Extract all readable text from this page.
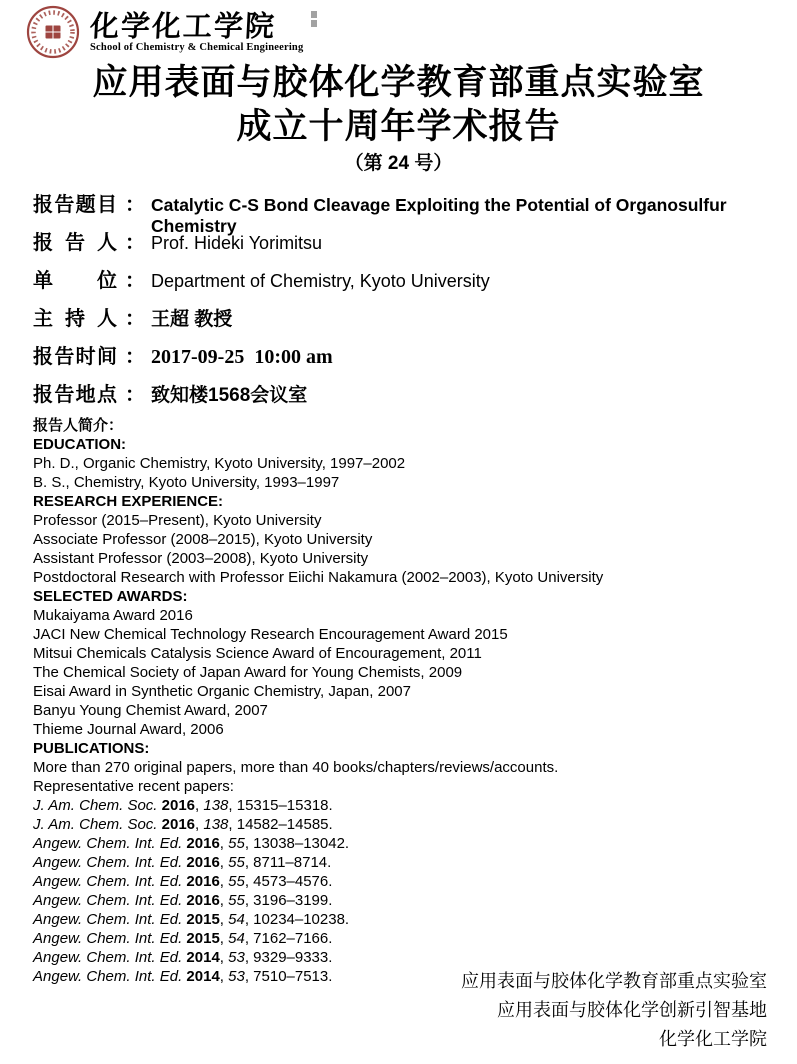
化学化工学院
School of Chemistry & Chemical Engineering
应用表面与胶体化学教育部重点实验室
成立十周年学术报告
（第 24 号）
报告题目 ： Catalytic C-S Bond Cleavage Exploiting the Potential of Organosulfur Chemistry
报告人 ： Prof. Hideki Yorimitsu
单位 ： Department of Chemistry, Kyoto University
主持人 ： 王超 教授
报告时间 ： 2017-09-25  10:00 am
报告地点 ： 致知楼1568会议室
报告人简介：
EDUCATION:
Ph. D., Organic Chemistry, Kyoto University, 1997–2002
B. S., Chemistry, Kyoto University, 1993–1997
RESEARCH EXPERIENCE:
Professor (2015–Present), Kyoto University
Associate Professor (2008–2015), Kyoto University
Assistant Professor (2003–2008), Kyoto University
Postdoctoral Research with Professor Eiichi Nakamura (2002–2003), Kyoto University
SELECTED AWARDS:
Mukaiyama Award 2016
JACI New Chemical Technology Research Encouragement Award 2015
Mitsui Chemicals Catalysis Science Award of Encouragement, 2011
The Chemical Society of Japan Award for Young Chemists, 2009
Eisai Award in Synthetic Organic Chemistry, Japan, 2007
Banyu Young Chemist Award, 2007
Thieme Journal Award, 2006
PUBLICATIONS:
More than 270 original papers, more than 40 books/chapters/reviews/accounts.
Representative recent papers:
J. Am. Chem. Soc. 2016, 138, 15315–15318.
J. Am. Chem. Soc. 2016, 138, 14582–14585.
Angew. Chem. Int. Ed. 2016, 55, 13038–13042.
Angew. Chem. Int. Ed. 2016, 55, 8711–8714.
Angew. Chem. Int. Ed. 2016, 55, 4573–4576.
Angew. Chem. Int. Ed. 2016, 55, 3196–3199.
Angew. Chem. Int. Ed. 2015, 54, 10234–10238.
Angew. Chem. Int. Ed. 2015, 54, 7162–7166.
Angew. Chem. Int. Ed. 2014, 53, 9329–9333.
Angew. Chem. Int. Ed. 2014, 53, 7510–7513.	应用表面与胶体化学教育部重点实验室
应用表面与胶体化学创新引智基地
化学化工学院
